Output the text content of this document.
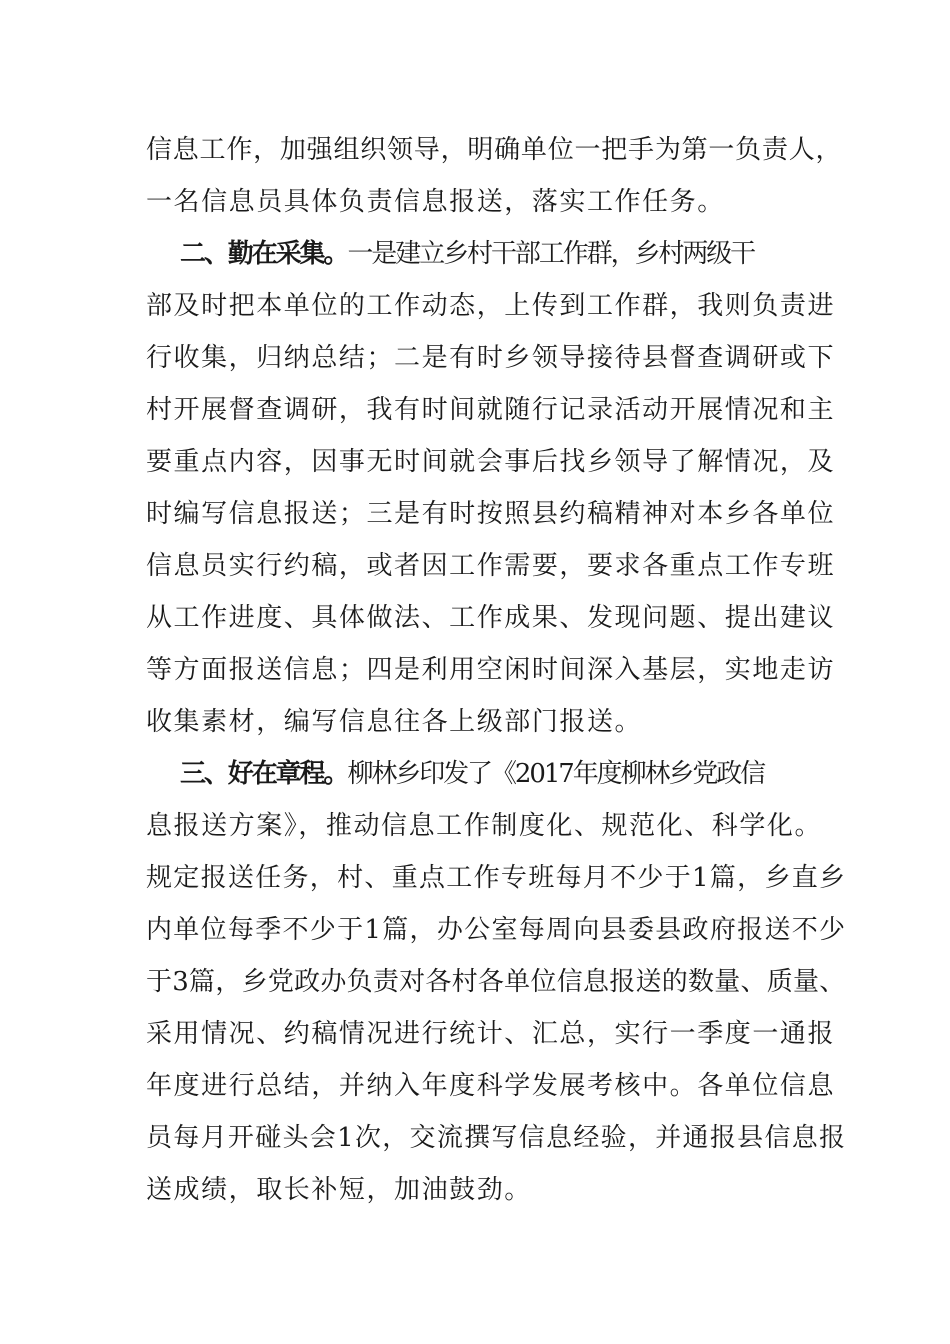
信息工作，加强组织领导，明确单位一把手为第一负责人，
一名信息员具体负责信息报送，落实工作任务。
二、勤在采集。一是建立乡村干部工作群，乡村两级干
部及时把本单位的工作动态，上传到工作群，我则负责进
行收集，归纳总结；二是有时乡领导接待县督查调研或下
村开展督查调研，我有时间就随行记录活动开展情况和主
要重点内容，因事无时间就会事后找乡领导了解情况，及
时编写信息报送；三是有时按照县约稿精神对本乡各单位
信息员实行约稿，或者因工作需要，要求各重点工作专班
从工作进度、具体做法、工作成果、发现问题、提出建议
等方面报送信息；四是利用空闲时间深入基层，实地走访
收集素材，编写信息往各上级部门报送。
三、好在章程。柳林乡印发了《2017年度柳林乡党政信
息报送方案》，推动信息工作制度化、规范化、科学化。
规定报送任务，村、重点工作专班每月不少于1篇，乡直乡
内单位每季不少于1篇，办公室每周向县委县政府报送不少
于3篇，乡党政办负责对各村各单位信息报送的数量、质量、
采用情况、约稿情况进行统计、汇总，实行一季度一通报
年度进行总结，并纳入年度科学发展考核中。各单位信息
员每月开碰头会1次，交流撰写信息经验，并通报县信息报
送成绩，取长补短，加油鼓劲。
